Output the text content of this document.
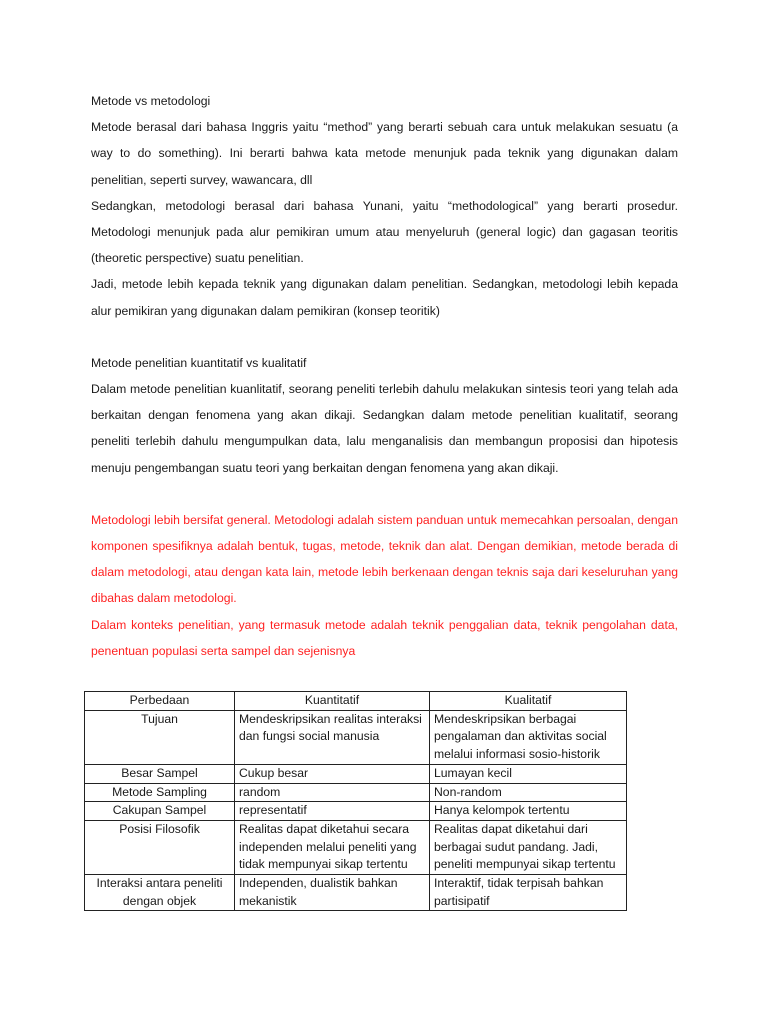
Metode vs metodologi

Metode berasal dari bahasa Inggris yaitu “method” yang berarti sebuah cara untuk melakukan sesuatu (a way to do something). Ini berarti bahwa kata metode menunjuk pada teknik yang digunakan dalam penelitian, seperti survey, wawancara, dll

Sedangkan, metodologi berasal dari bahasa Yunani, yaitu “methodological” yang berarti prosedur. Metodologi menunjuk pada alur pemikiran umum atau menyeluruh (general logic) dan gagasan teoritis (theoretic perspective) suatu penelitian.

Jadi, metode lebih kepada teknik yang digunakan dalam penelitian. Sedangkan, metodologi lebih kepada alur pemikiran yang digunakan dalam pemikiran (konsep teoritik)

Metode penelitian kuantitatif vs kualitatif

Dalam metode penelitian kuanlitatif, seorang peneliti terlebih dahulu melakukan sintesis teori yang telah ada berkaitan dengan fenomena yang akan dikaji. Sedangkan dalam metode penelitian kualitatif, seorang peneliti terlebih dahulu mengumpulkan data, lalu menganalisis dan membangun proposisi dan hipotesis menuju pengembangan suatu teori yang berkaitan dengan fenomena yang akan dikaji.

Metodologi lebih bersifat general. Metodologi adalah sistem panduan untuk memecahkan persoalan, dengan komponen spesifiknya adalah bentuk, tugas, metode, teknik dan alat. Dengan demikian, metode berada di dalam metodologi, atau dengan kata lain, metode lebih berkenaan dengan teknis saja dari keseluruhan yang dibahas dalam metodologi.

Dalam konteks penelitian, yang termasuk metode adalah teknik penggalian data, teknik pengolahan data, penentuan populasi serta sampel dan sejenisnya

Perbedaan	Kuantitatif	Kualitatif
Tujuan	Mendeskripsikan realitas interaksi dan fungsi social manusia	Mendeskripsikan berbagai pengalaman dan aktivitas social melalui informasi sosio-historik
Besar Sampel	Cukup besar	Lumayan kecil
Metode Sampling	random	Non-random
Cakupan Sampel	representatif	Hanya kelompok tertentu
Posisi Filosofik	Realitas dapat diketahui secara independen melalui peneliti yang tidak mempunyai sikap tertentu	Realitas dapat diketahui dari berbagai sudut pandang. Jadi, peneliti mempunyai sikap tertentu
Interaksi antara peneliti dengan objek	Independen, dualistik bahkan mekanistik	Interaktif, tidak terpisah bahkan partisipatif
